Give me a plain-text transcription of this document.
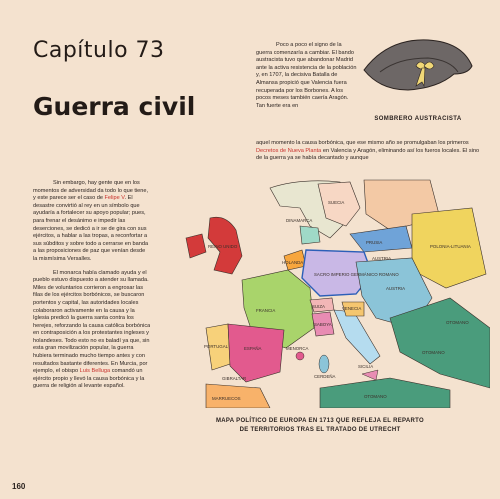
Capítulo 73
Guerra civil
Poco a poco el signo de la guerra comenzaría a cambiar. El bando austracista tuvo que abandonar Madrid ante la activa resistencia de la población y, en 1707, la decisiva Batalla de Almansa propició que Valencia fuera recuperada por los Borbones. A los pocos meses también caería Aragón. Tan fuerte era en
SOMBRERO AUSTRACISTA
aquel momento la causa borbónica, que ese mismo año se promulgaban los primeros Decretos de Nueva Planta en Valencia y Aragón, eliminando así los fueros locales. El sino de la guerra ya se había decantado y aunque

Sin embargo, hay gente que en los momentos de adversidad da todo lo que tiene, y este parece ser el caso de Felipe V. El desastre convirtió al rey en un símbolo que ayudaría a fortalecer su apoyo popular; pues, para frenar el desánimo e impedir las deserciones, se dedicó a ir se de gira con sus ejércitos, a hablar a las tropas, a reconfortar a sus súbditos y sobre todo a cerrarse en banda a las proposiciones de paz que venían desde la mismísima Versalles.

El monarca había clamado ayuda y el pueblo estuvo dispuesto a atender su llamada. Miles de voluntarios corrieron a engrosar las filas de los ejércitos borbónicos, se buscaron portentos y capital, las autoridades locales colaboraron activamente en la causa y la Iglesia predicó la guerra santa contra los herejes, reforzando la causa católica borbónica en contraposición a los protestantes ingleses y holandeses. Todo esto no es baladí ya que, sin esta gran movilización popular, la guerra hubiera terminado mucho tiempo antes y con resultados bastante diferentes. En Murcia, por ejemplo, el obispo Luis Belluga comandó un ejército propio y llevó la causa borbónica y la guerra de religión al levante español.

SUECIA
DINAMARCA
REINO UNIDO
PRUSIA
POLONIA-LITUANIA
HOLANDA
SACRO IMPERIO GERMÁNICO ROMANO
AUSTRIA
AUSTRIA
FRANCIA
SUIZA
SABOYA
VENECIA
OTOMANO
OTOMANO
OTOMANO
PORTUGAL	ESPAÑA	MENORCA
GIBRALTAR	CERDEÑA
SICILIA
MARRUECOS
MAPA POLÍTICO DE EUROPA EN 1713 QUE REFLEJA EL REPARTO
DE TERRITORIOS TRAS EL TRATADO DE UTRECHT
160
